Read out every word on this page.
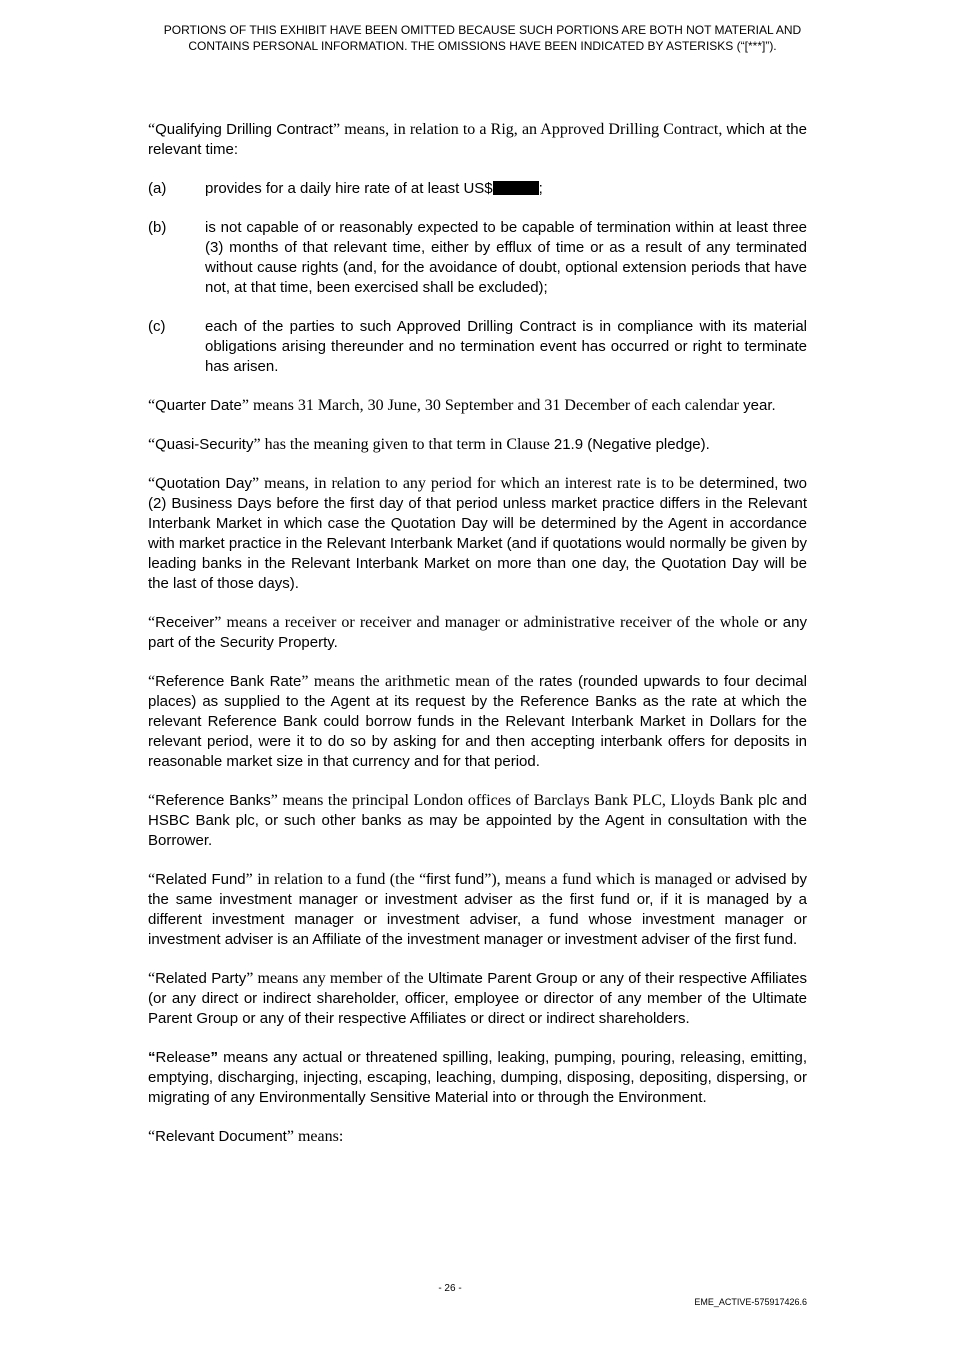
PORTIONS OF THIS EXHIBIT HAVE BEEN OMITTED BECAUSE SUCH PORTIONS ARE BOTH NOT MATERIAL AND
CONTAINS PERSONAL INFORMATION. THE OMISSIONS HAVE BEEN INDICATED BY ASTERISKS (“[***]”).

“Qualifying Drilling Contract” means, in relation to a Rig, an Approved Drilling Contract, which at the relevant time:

(a)	provides for a daily hire rate of at least US$	;
(b)	is not capable of or reasonably expected to be capable of termination within at least three (3) months of that relevant time, either by efflux of time or as a result of any terminated without cause rights (and, for the avoidance of doubt, optional extension periods that have not, at that time, been exercised shall be excluded);
(c)	each of the parties to such Approved Drilling Contract is in compliance with its material obligations arising thereunder and no termination event has occurred or right to terminate has arisen.

“Quarter Date” means 31 March, 30 June, 30 September and 31 December of each calendar year.

“Quasi-Security” has the meaning given to that term in Clause 21.9 (Negative pledge).

“Quotation Day” means, in relation to any period for which an interest rate is to be determined, two (2) Business Days before the first day of that period unless market practice differs in the Relevant Interbank Market in which case the Quotation Day will be determined by the Agent in accordance with market practice in the Relevant Interbank Market (and if quotations would normally be given by leading banks in the Relevant Interbank Market on more than one day, the Quotation Day will be the last of those days).

“Receiver” means a receiver or receiver and manager or administrative receiver of the whole or any part of the Security Property.

“Reference Bank Rate” means the arithmetic mean of the rates (rounded upwards to four decimal places) as supplied to the Agent at its request by the Reference Banks as the rate at which the relevant Reference Bank could borrow funds in the Relevant Interbank Market in Dollars for the relevant period, were it to do so by asking for and then accepting interbank offers for deposits in reasonable market size in that currency and for that period.

“Reference Banks” means the principal London offices of Barclays Bank PLC, Lloyds Bank plc and HSBC Bank plc, or such other banks as may be appointed by the Agent in consultation with the Borrower.

“Related Fund” in relation to a fund (the “first fund”), means a fund which is managed or advised by the same investment manager or investment adviser as the first fund or, if it is managed by a different investment manager or investment adviser, a fund whose investment manager or investment adviser is an Affiliate of the investment manager or investment adviser of the first fund.

“Related Party” means any member of the Ultimate Parent Group or any of their respective Affiliates (or any direct or indirect shareholder, officer, employee or director of any member of the Ultimate Parent Group or any of their respective Affiliates or direct or indirect shareholders.

“Release” means any actual or threatened spilling, leaking, pumping, pouring, releasing, emitting, emptying, discharging, injecting, escaping, leaching, dumping, disposing, depositing, dispersing, or migrating of any Environmentally Sensitive Material into or through the Environment.

“Relevant Document” means:

- 26 -
EME_ACTIVE-575917426.6
